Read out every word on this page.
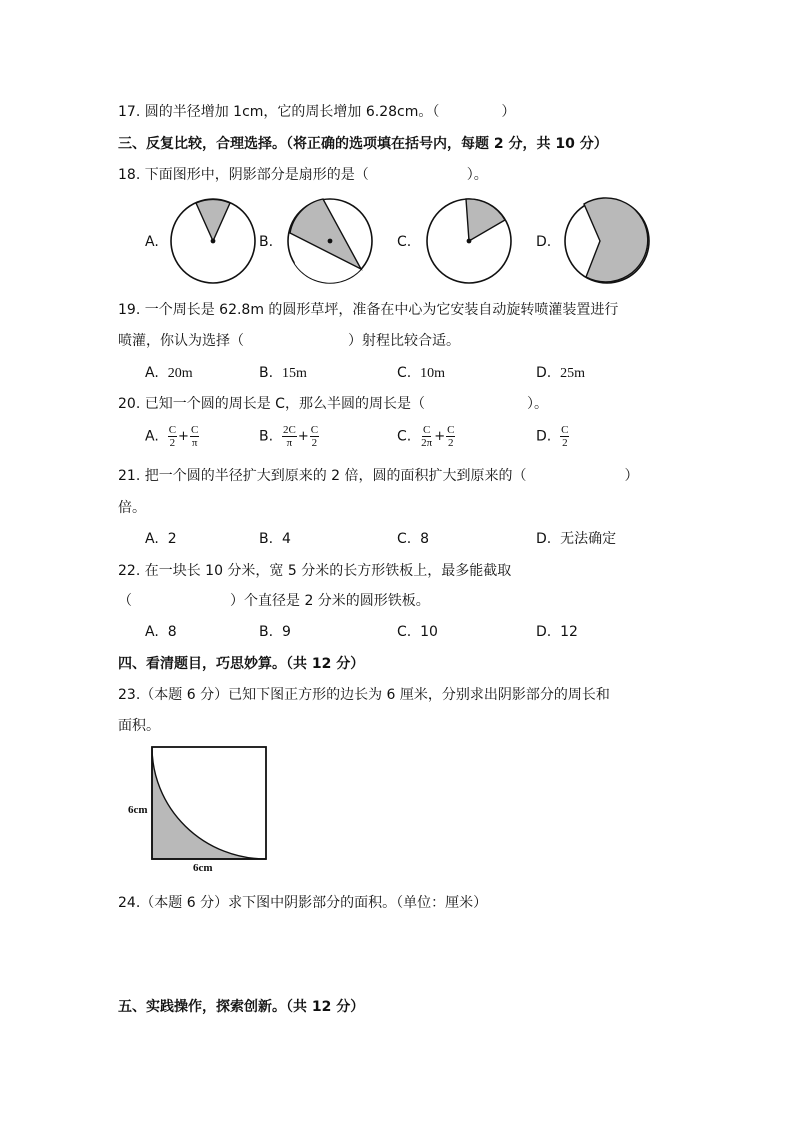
17. 圆的半径增加 1cm，它的周长增加 6.28cm。（	）
三、反复比较，合理选择。（将正确的选项填在括号内，每题 2 分，共 10 分）
18. 下面图形中，阴影部分是扇形的是（	）。
A.	B.	C.	D.
19. 一个周长是 62.8m 的圆形草坪，准备在中心为它安装自动旋转喷灌装置进行
喷灌，你认为选择（	）射程比较合适。
A. 20m	B. 15m	C. 10m	D. 25m
20. 已知一个圆的周长是 C，那么半圆的周长是（	）。
A. $\frac{C}{2} + \frac{C}{\pi}$	B. $\frac{2C}{\pi} + \frac{C}{2}$	C. $\frac{C}{2\pi} + \frac{C}{2}$	D. $\frac{C}{2}$
21. 把一个圆的半径扩大到原来的 2 倍，圆的面积扩大到原来的（	）
倍。
A. 2	B. 4	C. 8	D. 无法确定
22. 在一块长 10 分米，宽 5 分米的长方形铁板上，最多能截取
（	）个直径是 2 分米的圆形铁板。
A. 8	B. 9	C. 10	D. 12
四、看清题目，巧思妙算。（共 12 分）
23.（本题 6 分）已知下图正方形的边长为 6 厘米，分别求出阴影部分的周长和
面积。
6cm
6cm
24.（本题 6 分）求下图中阴影部分的面积。（单位：厘米）
五、实践操作，探索创新。（共 12 分）
